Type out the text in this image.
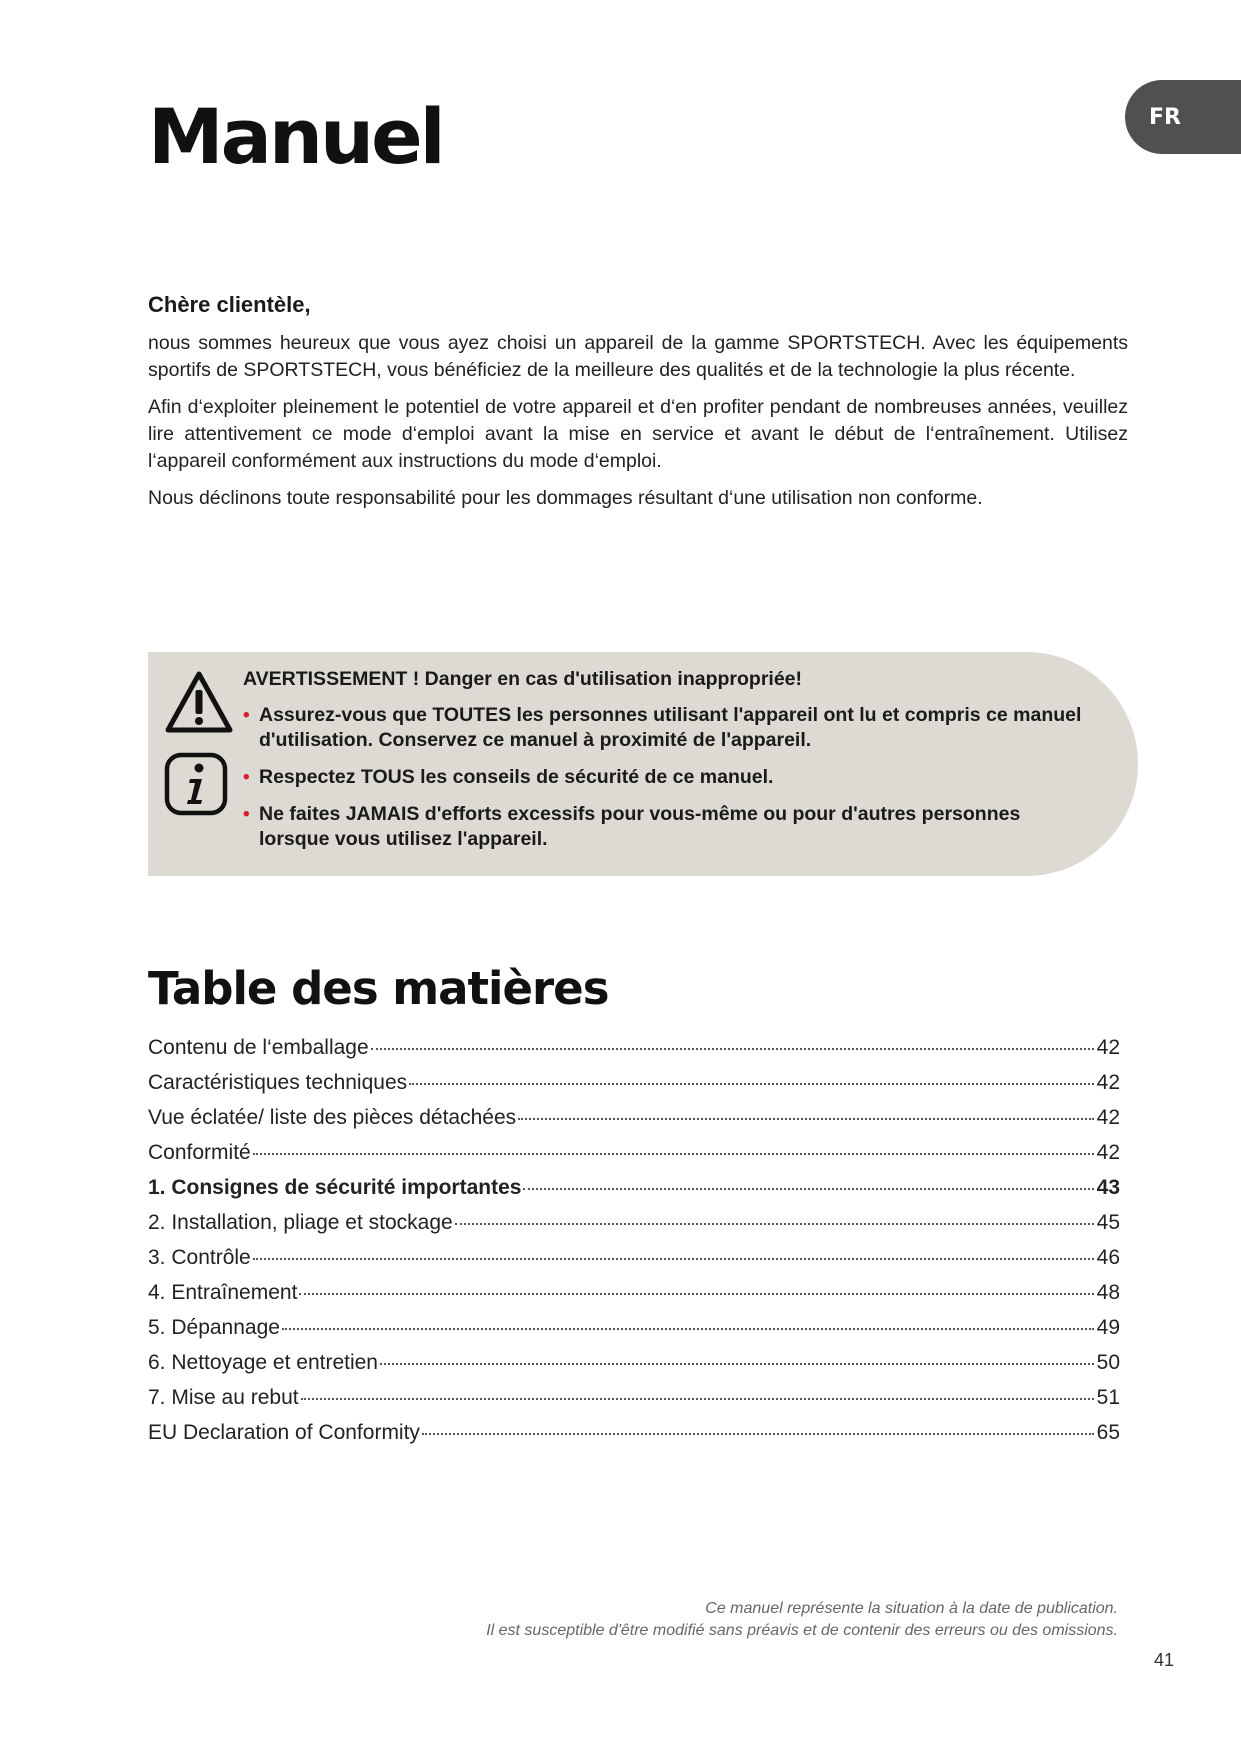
Manuel	FR
Chère clientèle,

nous sommes heureux que vous ayez choisi un appareil de la gamme SPORTSTECH. Avec les équipements sportifs de SPORTSTECH, vous bénéficiez de la meilleure des qualités et de la technologie la plus récente.

Afin d‘exploiter pleinement le potentiel de votre appareil et d‘en profiter pendant de nombreuses années, veuillez lire attentivement ce mode d‘emploi avant la mise en service et avant le début de l‘entraînement. Utilisez l‘appareil conformément aux instructions du mode d‘emploi.

Nous déclinons toute responsabilité pour les dommages résultant d‘une utilisation non conforme.

AVERTISSEMENT ! Danger en cas d'utilisation inappropriée!
• Assurez-vous que TOUTES les personnes utilisant l'appareil ont lu et compris ce manuel d'utilisation. Conservez ce manuel à proximité de l'appareil.
• Respectez TOUS les conseils de sécurité de ce manuel.
• Ne faites JAMAIS d'efforts excessifs pour vous-même ou pour d'autres personnes lorsque vous utilisez l'appareil.
Table des matières
Contenu de l‘emballage	42
Caractéristiques techniques	42
Vue éclatée/ liste des pièces détachées	42
Conformité	42
1. Consignes de sécurité importantes	43
2. Installation, pliage et stockage	45
3. Contrôle	46
4. Entraînement	48
5. Dépannage	49
6. Nettoyage et entretien	50
7. Mise au rebut	51
EU Declaration of Conformity	65
Ce manuel représente la situation à la date de publication.
Il est susceptible d'être modifié sans préavis et de contenir des erreurs ou des omissions.
41
